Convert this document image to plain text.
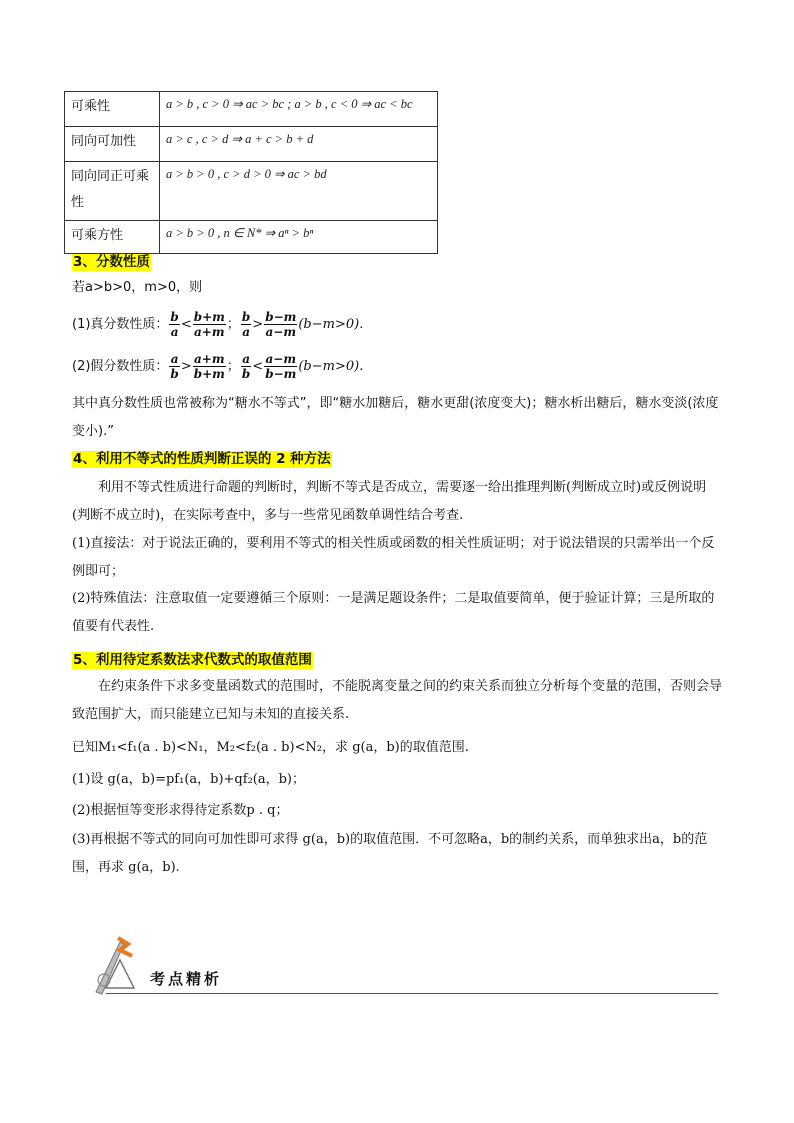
可乘性	a > b , c > 0 ⇒ ac > bc ; a > b , c < 0 ⇒ ac < bc
同向可加性	a > c , c > d ⇒ a + c > b + d
同向同正可乘性	a > b > 0 , c > d > 0 ⇒ ac > bd
可乘方性	a > b > 0 , n ∈ N* ⇒ aⁿ > bⁿ
3、分数性质
若a>b>0，m>0，则
(1)真分数性质： $\frac{b}{a} < \frac{b+m}{a+m}$ ； $\frac{b}{a} > \frac{b-m}{a-m} (b-m>0)$.
(2)假分数性质： $\frac{a}{b} > \frac{a+m}{b+m}$ ； $\frac{a}{b} < \frac{a-m}{b-m} (b-m>0)$.
其中真分数性质也常被称为“糖水不等式”，即“糖水加糖后，糖水更甜(浓度变大)；糖水析出糖后，糖水变淡(浓度变小).”
4、利用不等式的性质判断正误的 2 种方法
利用不等式性质进行命题的判断时，判断不等式是否成立，需要逐一给出推理判断(判断成立时)或反例说明(判断不成立时)，在实际考查中，多与一些常见函数单调性结合考查.
(1)直接法：对于说法正确的，要利用不等式的相关性质或函数的相关性质证明；对于说法错误的只需举出一个反例即可；
(2)特殊值法：注意取值一定要遵循三个原则：一是满足题设条件；二是取值要简单，便于验证计算；三是所取的值要有代表性.
5、利用待定系数法求代数式的取值范围
在约束条件下求多变量函数式的范围时，不能脱离变量之间的约束关系而独立分析每个变量的范围，否则会导致范围扩大，而只能建立已知与未知的直接关系.
已知M₁<f₁(a . b)<N₁，M₂<f₂(a . b)<N₂，求 g(a，b)的取值范围.
(1)设 g(a，b)=pf₁(a，b)+qf₂(a，b)；
(2)根据恒等变形求得待定系数p . q；
(3)再根据不等式的同向可加性即可求得 g(a，b)的取值范围．不可忽略a，b的制约关系，而单独求出a，b的范围，再求 g(a，b).
考点精析
